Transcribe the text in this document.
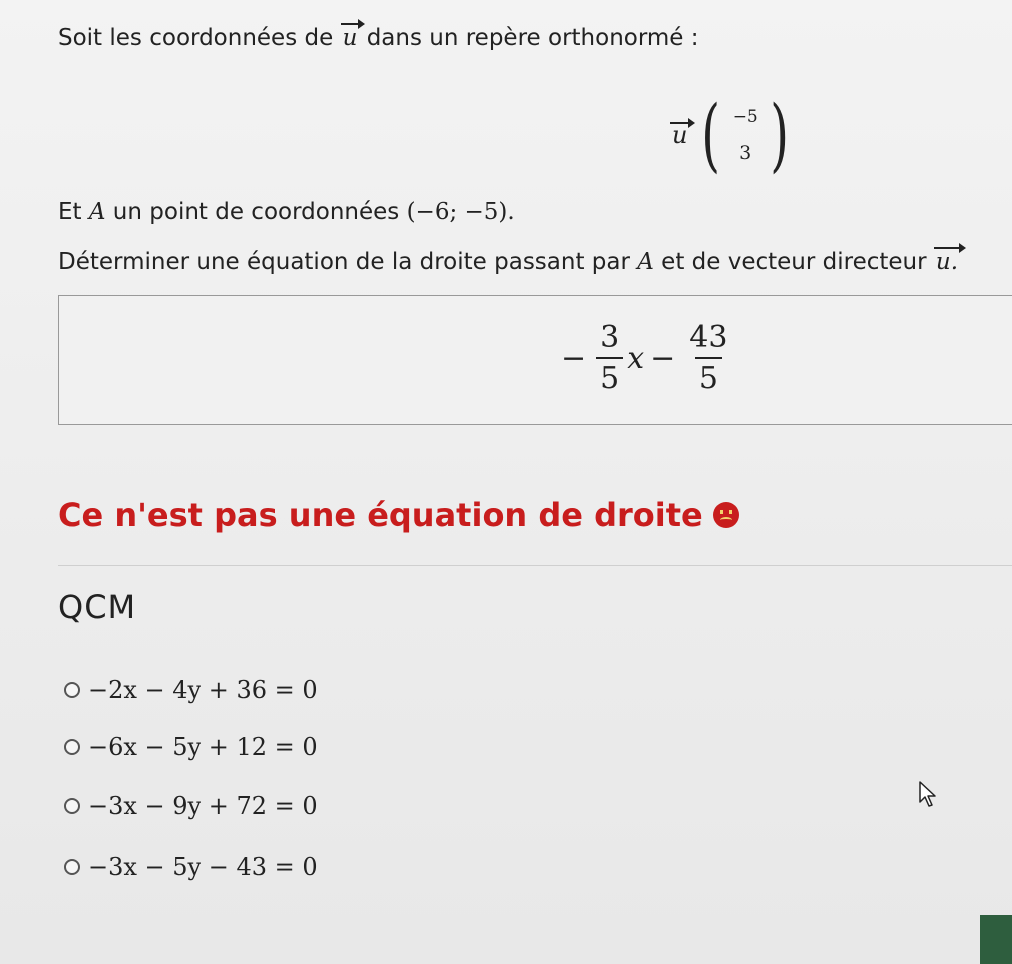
Soit les coordonnées de u dans un repère orthonormé :
u ( −5
3 )
Et A un point de coordonnées (−6; −5).
Déterminer une équation de la droite passant par A et de vecteur directeur u.
− $\frac{3}{5}$ $x - \frac{43}{5}$
Ce n'est pas une équation de droite
QCM
−2x − 4y + 36 = 0
−6x − 5y + 12 = 0
−3x − 9y + 72 = 0
−3x − 5y − 43 = 0
